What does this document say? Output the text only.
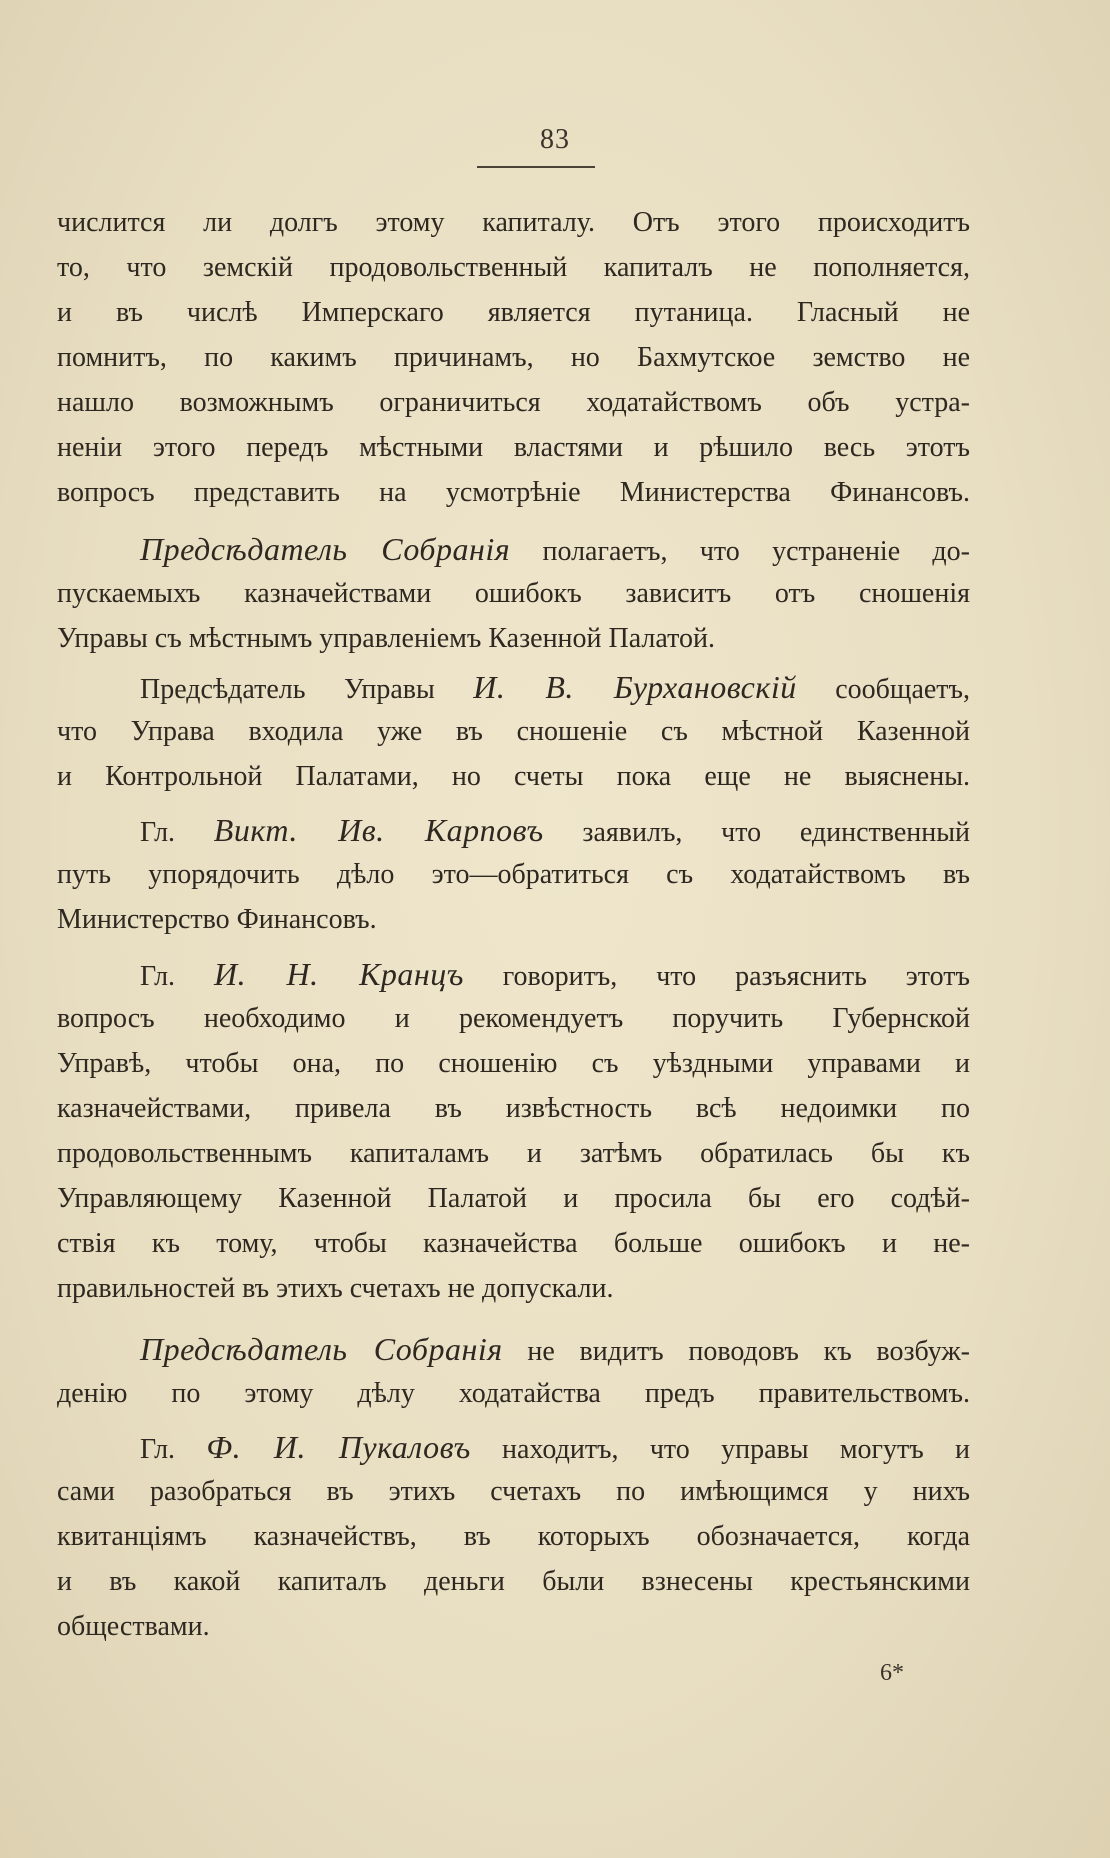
83
числится ли долгъ этому капиталу. Отъ этого происходитъ
то, что земскій продовольственный капиталъ не пополняется,
и въ числѣ Имперскаго является путаница. Гласный не
помнитъ, по какимъ причинамъ, но Бахмутское земство не
нашло возможнымъ ограничиться ходатайствомъ объ устра-
неніи этого передъ мѣстными властями и рѣшило весь этотъ
вопросъ представить на усмотрѣніе Министерства Финансовъ.
Предсѣдатель Собранія полагаетъ, что устраненіе до-
пускаемыхъ казначействами ошибокъ зависитъ отъ сношенія
Управы съ мѣстнымъ управленіемъ Казенной Палатой.
Предсѣдатель Управы И. В. Бурхановскій сообщаетъ,
что Управа входила уже въ сношеніе съ мѣстной Казенной
и Контрольной Палатами, но счеты пока еще не выяснены.
Гл. Викт. Ив. Карповъ заявилъ, что единственный
путь упорядочить дѣло это—обратиться съ ходатайствомъ въ
Министерство Финансовъ.
Гл. И. Н. Кранцъ говоритъ, что разъяснить этотъ
вопросъ необходимо и рекомендуетъ поручить Губернской
Управѣ, чтобы она, по сношенію съ уѣздными управами и
казначействами, привела въ извѣстность всѣ недоимки по
продовольственнымъ капиталамъ и затѣмъ обратилась бы къ
Управляющему Казенной Палатой и просила бы его содѣй-
ствія къ тому, чтобы казначейства больше ошибокъ и не-
правильностей въ этихъ счетахъ не допускали.
Предсѣдатель Собранія не видитъ поводовъ къ возбуж-
денію по этому дѣлу ходатайства предъ правительствомъ.
Гл. Ф. И. Пукаловъ находитъ, что управы могутъ и
сами разобраться въ этихъ счетахъ по имѣющимся у нихъ
квитанціямъ казначействъ, въ которыхъ обозначается, когда
и въ какой капиталъ деньги были взнесены крестьянскими
обществами.
6*
